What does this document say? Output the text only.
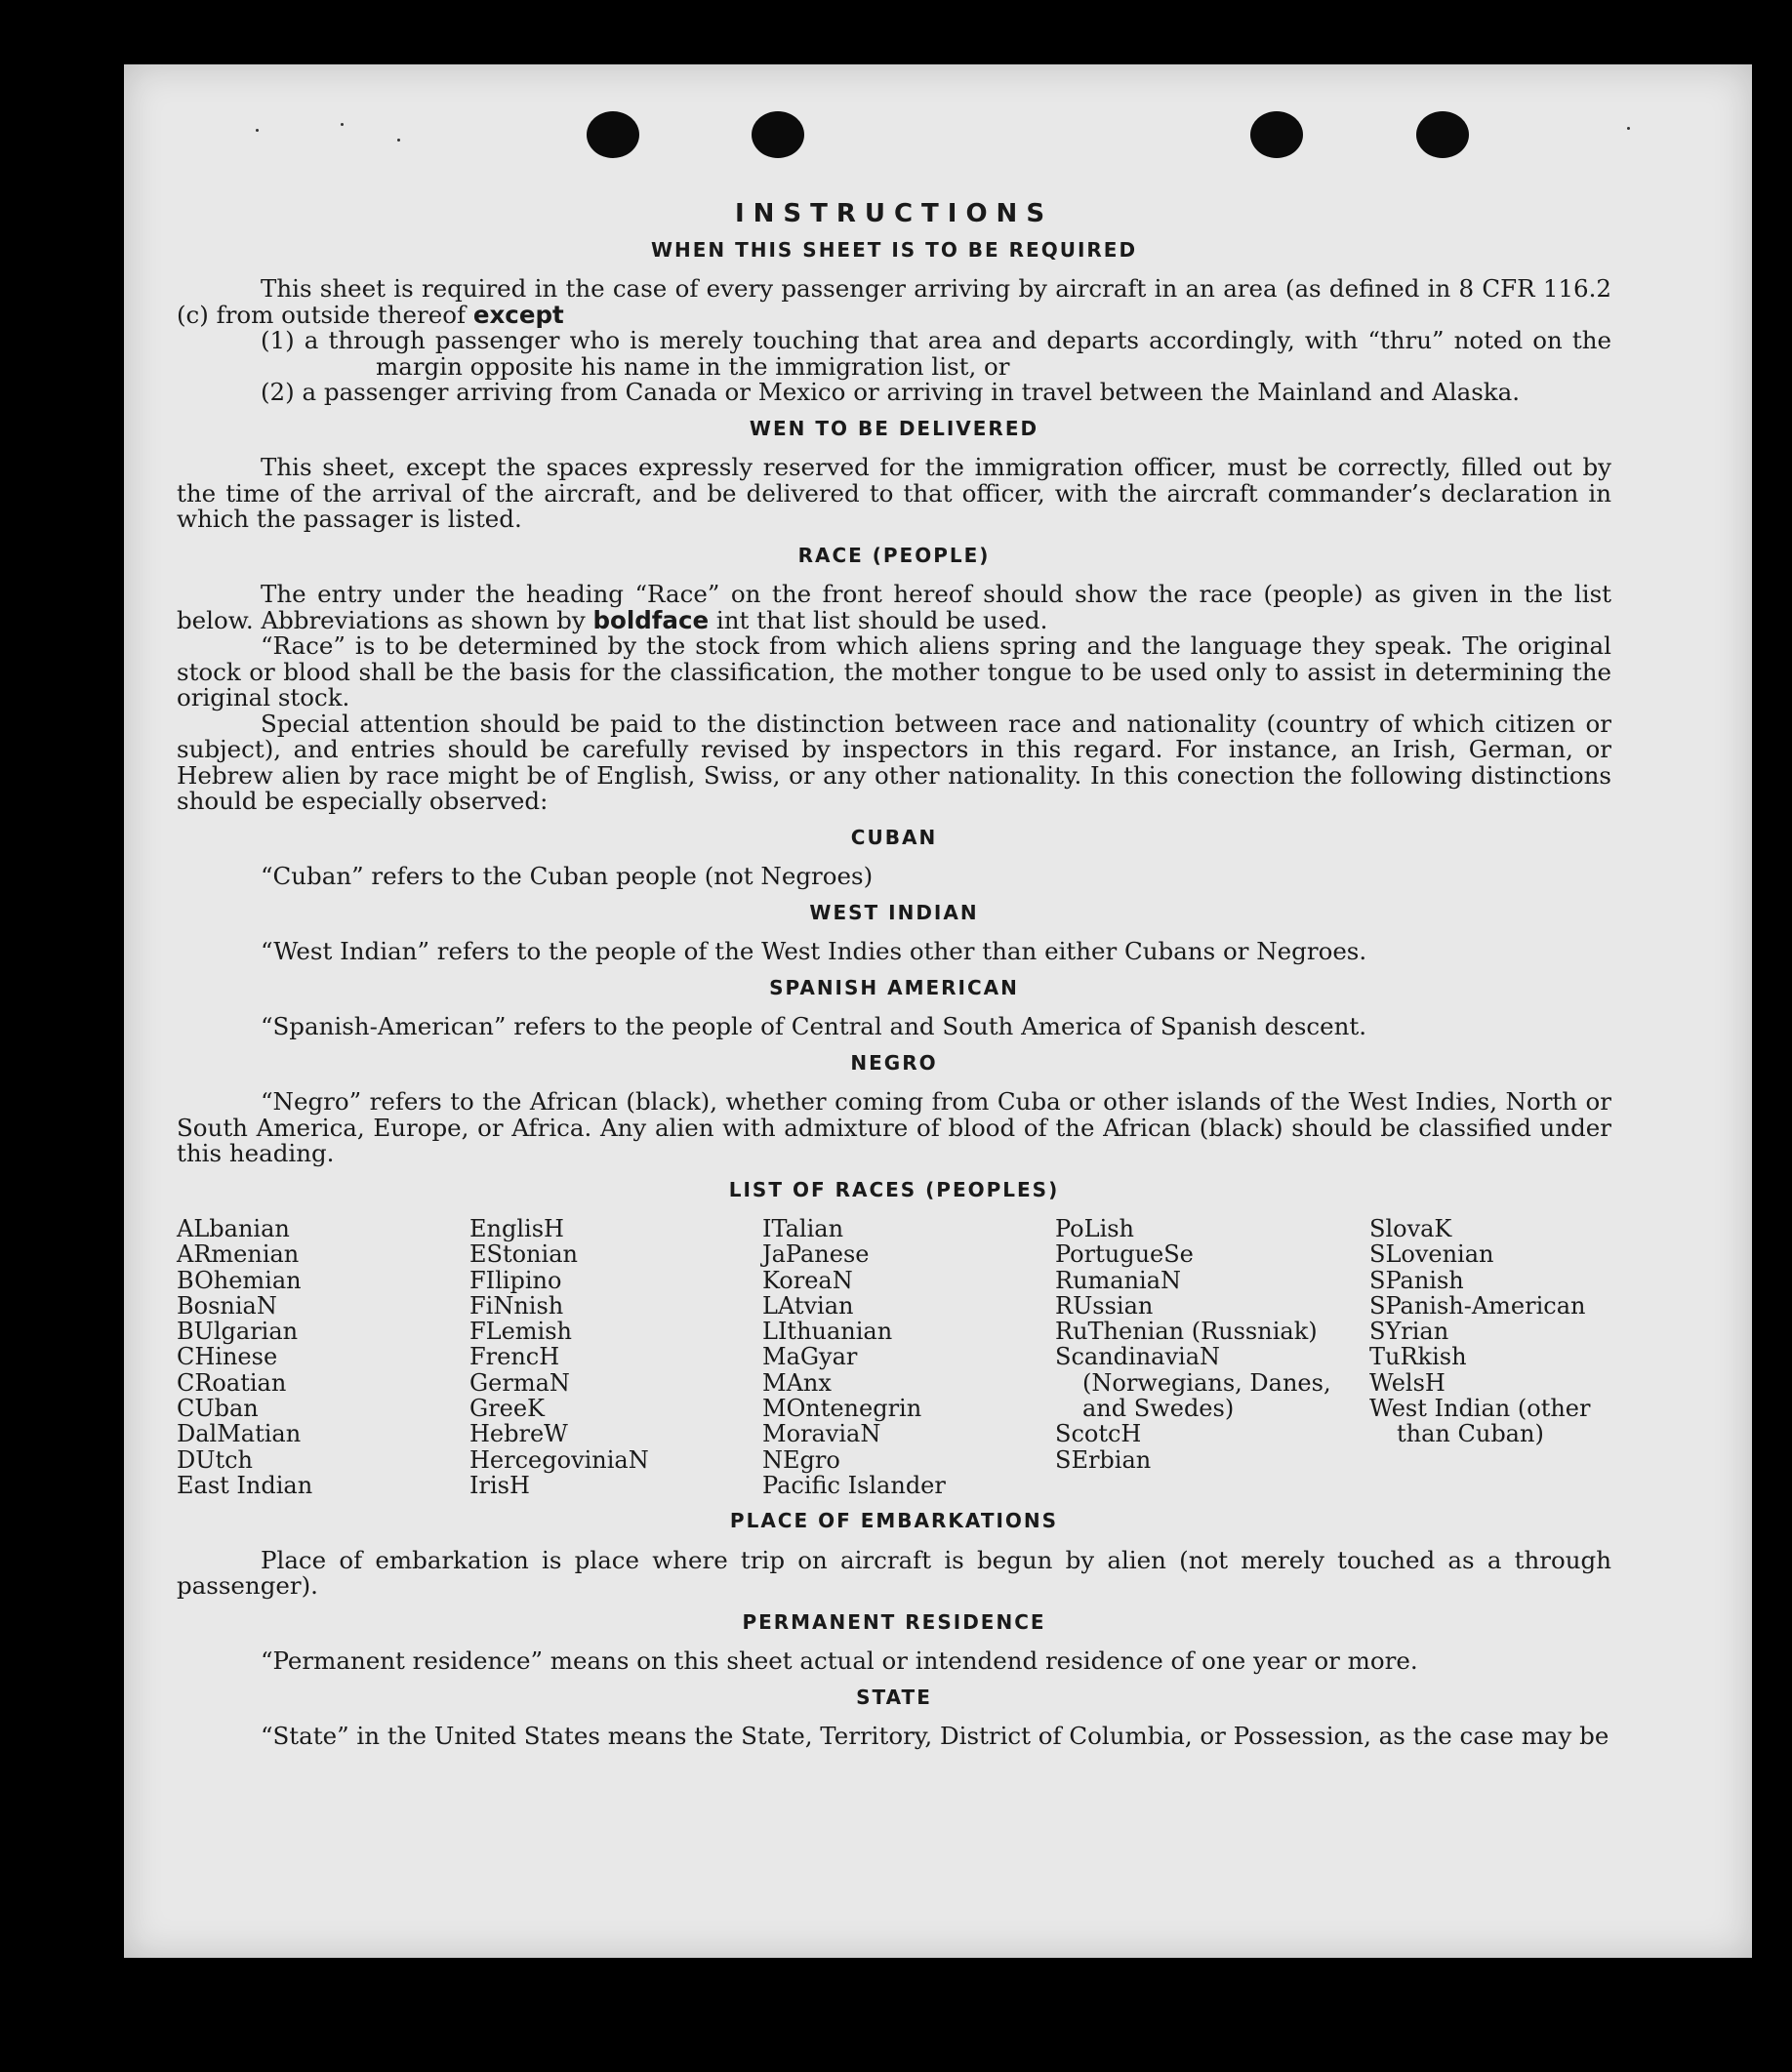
INSTRUCTIONS
WHEN THIS SHEET IS TO BE REQUIRED

This sheet is required in the case of every passenger arriving by aircraft in an area (as defined in 8 CFR 116.2 (c) from outside thereof except

(1) a through passenger who is merely touching that area and departs accordingly, with “thru” noted on the margin opposite his name in the immigration list, or

(2) a passenger arriving from Canada or Mexico or arriving in travel between the Mainland and Alaska.

WEN TO BE DELIVERED

This sheet, except the spaces expressly reserved for the immigration officer, must be correctly, filled out by the time of the arrival of the aircraft, and be delivered to that officer, with the aircraft commander’s declaration in which the passager is listed.

RACE (PEOPLE)

The entry under the heading “Race” on the front hereof should show the race (people) as given in the list below. Abbreviations as shown by boldface int that list should be used.

“Race” is to be determined by the stock from which aliens spring and the language they speak. The original stock or blood shall be the basis for the classification, the mother tongue to be used only to assist in determining the original stock.

Special attention should be paid to the distinction between race and nationality (country of which citizen or subject), and entries should be carefully revised by inspectors in this regard. For instance, an Irish, German, or Hebrew alien by race might be of English, Swiss, or any other nationality. In this conection the following distinctions should be especially observed:

CUBAN

“Cuban” refers to the Cuban people (not Negroes)

WEST INDIAN

“West Indian” refers to the people of the West Indies other than either Cubans or Negroes.

SPANISH AMERICAN

“Spanish-American” refers to the people of Central and South America of Spanish descent.

NEGRO

“Negro” refers to the African (black), whether coming from Cuba or other islands of the West Indies, North or South America, Europe, or Africa. Any alien with admixture of blood of the African (black) should be classified under this heading.

LIST OF RACES (PEOPLES)
ALbanian
ARmenian
BOhemian
BosniaN
BUlgarian
CHinese
CRoatian
CUban
DalMatian
DUtch
East Indian
EnglisH
EStonian
FIlipino
FiNnish
FLemish
FrencH
GermaN
GreeK
HebreW
HercegoviniaN
IrisH
ITalian
JaPanese
KoreaN
LAtvian
LIthuanian
MaGyar
MAnx
MOntenegrin
MoraviaN
NEgro
Pacific Islander
PoLish
PortugueSe
RumaniaN
RUssian
RuThenian (Russniak)
ScandinaviaN (Norwegians, Danes, and Swedes)
ScotcH
SErbian
SlovaK
SLovenian
SPanish
SPanish-American
SYrian
TuRkish
WelsH
West Indian (other than Cuban)
PLACE OF EMBARKATIONS

Place of embarkation is place where trip on aircraft is begun by alien (not merely touched as a through passenger).

PERMANENT RESIDENCE

“Permanent residence” means on this sheet actual or intendend residence of one year or more.

STATE

“State” in the United States means the State, Territory, District of Columbia, or Possession, as the case may be
